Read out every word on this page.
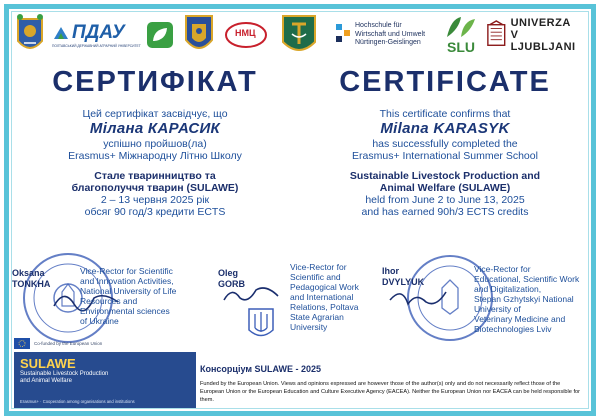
ПДАУ
ПОЛТАВСЬКИЙ ДЕРЖАВНИЙ АГРАРНИЙ УНІВЕРСИТЕТ
НМЦ
Hochschule für
Wirtschaft und Umwelt
Nürtingen-Geislingen	SLU
UNIVERZA
V LJUBLJANI
СЕРТИФІКАТ
Цей сертифікат засвідчує, що
Мілана КАРАСИК
успішно пройшов(ла)
Erasmus+ Міжнародну Літню Школу
Стале тваринництво та
благополуччя тварин (SULAWE)
2 – 13 червня 2025 рік
обсяг 90 год/3 кредити ECTS
CERTIFICATE
This certificate confirms that
Milana KARASYK
has successfully completed the
Erasmus+ International Summer School
Sustainable Livestock Production and
Animal Welfare (SULAWE)
held from June 2 to June 13, 2025
and has earned 90h/3 ECTS credits
Oksana
TONKHA
Vice-Rector for Scientific
and Innovation Activities,
National University of Life
Resources and
Environmental sciences
of Ukraine
Oleg
GORB
Vice-Rector for
Scientific and
Pedagogical Work
and International
Relations, Poltava
State Agrarian
University
Ihor
DVYLYUK
Vice-Rector for
Educational, Scientific Work
and Digitalization,
Stepan Gzhytskyi National
University of
Veterinary Medicine and
Biotechnologies Lviv
Консорціум SULAWE - 2025
Co-funded by the European Union
SULAWE
Sustainable Livestock Production
and Animal Welfare
Erasmus+ · Cooperation among organisations and institutions
Funded by the European Union. Views and opinions expressed are however those of the author(s) only and do not necessarily reflect those of the European Union or the European Education and Culture Executive Agency (EACEA). Neither the European Union nor EACEA can be held responsible for them.
